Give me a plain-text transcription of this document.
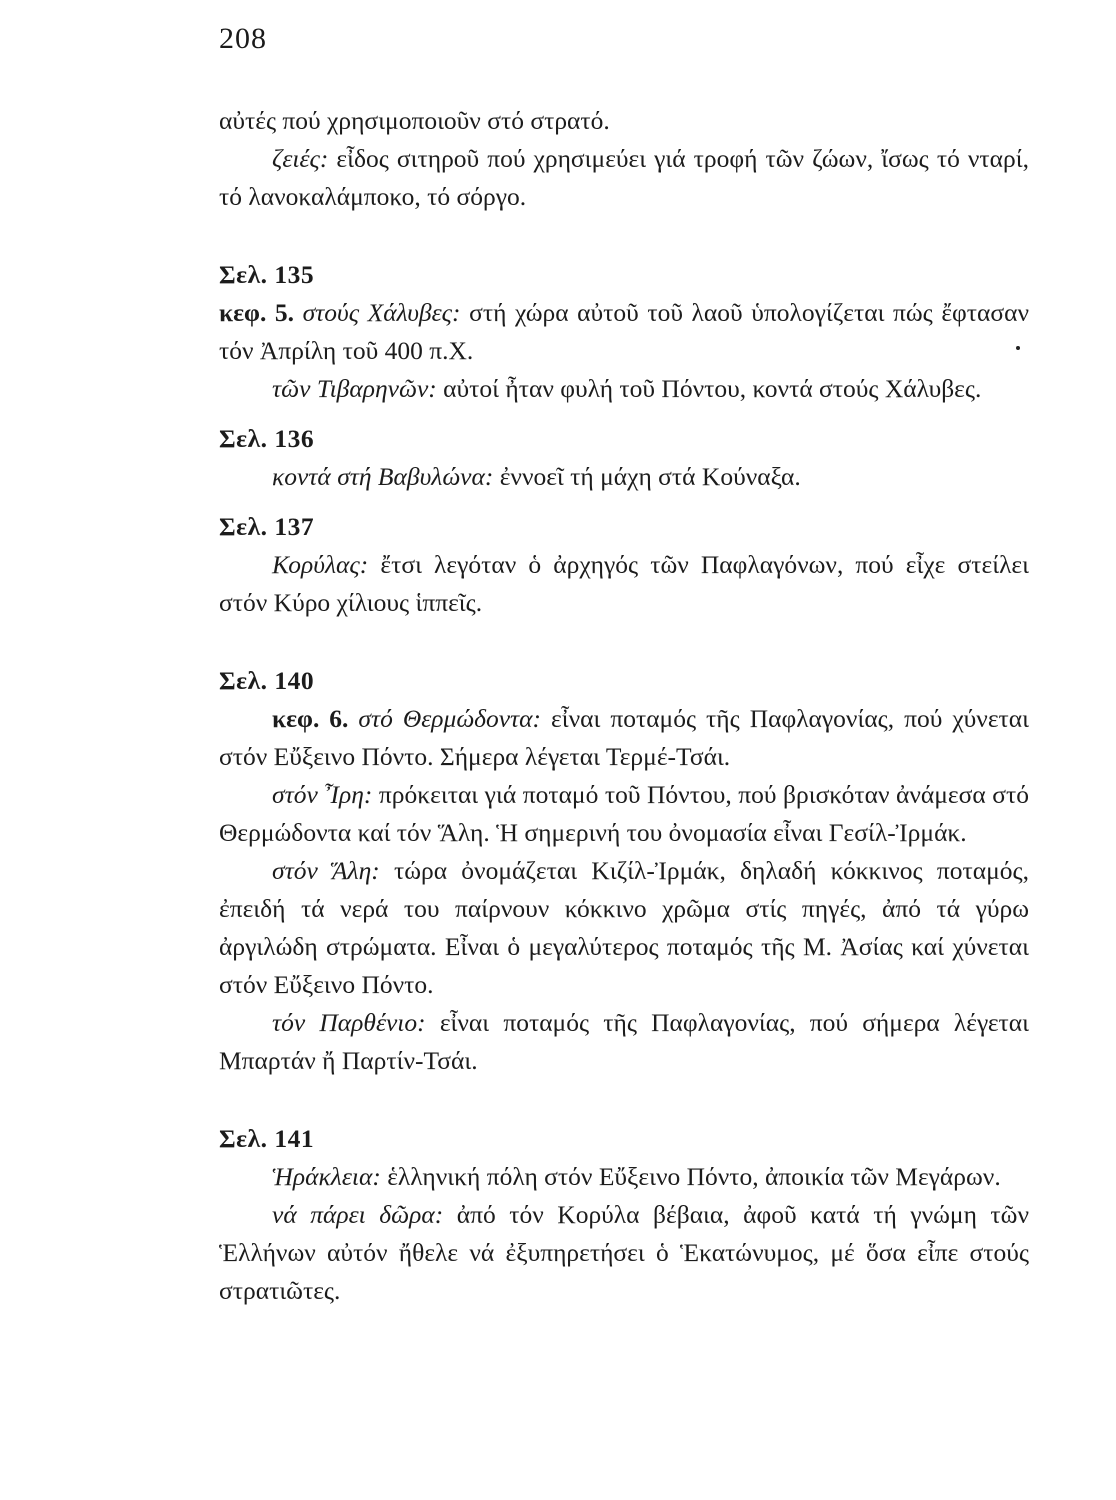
208

αὐτές πού χρησιμοποιοῦν στό στρατό.

ζειές: εἶδος σιτηροῦ πού χρησιμεύει γιά τροφή τῶν ζώων, ἴσως τό νταρί, τό λανοκαλάμποκο, τό σόργο.

Σελ. 135

κεφ. 5. στούς Χάλυβες: στή χώρα αὐτοῦ τοῦ λαοῦ ὑπολογίζεται πώς ἔφτασαν τόν Ἀπρίλη τοῦ 400 π.Χ.

τῶν Τιβαρηνῶν: αὐτοί ἦταν φυλή τοῦ Πόντου, κοντά στούς Χάλυβες.

Σελ. 136

κοντά στή Βαβυλώνα: ἐννοεῖ τή μάχη στά Κούναξα.

Σελ. 137

Κορύλας: ἔτσι λεγόταν ὁ ἀρχηγός τῶν Παφλαγόνων, πού εἶχε στείλει στόν Κύρο χίλιους ἱππεῖς.

Σελ. 140

κεφ. 6. στό Θερμώδοντα: εἶναι ποταμός τῆς Παφλαγονίας, πού χύνεται στόν Εὔξεινο Πόντο. Σήμερα λέγεται Τερμέ-Τσάι.

στόν Ἶρη: πρόκειται γιά ποταμό τοῦ Πόντου, πού βρισκόταν ἀνάμεσα στό Θερμώδοντα καί τόν Ἅλη. Ἡ σημερινή του ὀνομασία εἶναι Γεσίλ-Ἰρμάκ.

στόν Ἅλη: τώρα ὀνομάζεται Κιζίλ-Ἰρμάκ, δηλαδή κόκκινος ποταμός, ἐπειδή τά νερά του παίρνουν κόκκινο χρῶμα στίς πηγές, ἀπό τά γύρω ἀργιλώδη στρώματα. Εἶναι ὁ μεγαλύτερος ποταμός τῆς Μ. Ἀσίας καί χύνεται στόν Εὔξεινο Πόντο.

τόν Παρθένιο: εἶναι ποταμός τῆς Παφλαγονίας, πού σήμερα λέγεται Μπαρτάν ἤ Παρτίν-Τσάι.

Σελ. 141

Ἡράκλεια: ἑλληνική πόλη στόν Εὔξεινο Πόντο, ἀποικία τῶν Μεγάρων.

νά πάρει δῶρα: ἀπό τόν Κορύλα βέβαια, ἀφοῦ κατά τή γνώμη τῶν Ἑλλήνων αὐτόν ἤθελε νά ἐξυπηρετήσει ὁ Ἑκατώνυμος, μέ ὅσα εἶπε στούς στρατιῶτες.
